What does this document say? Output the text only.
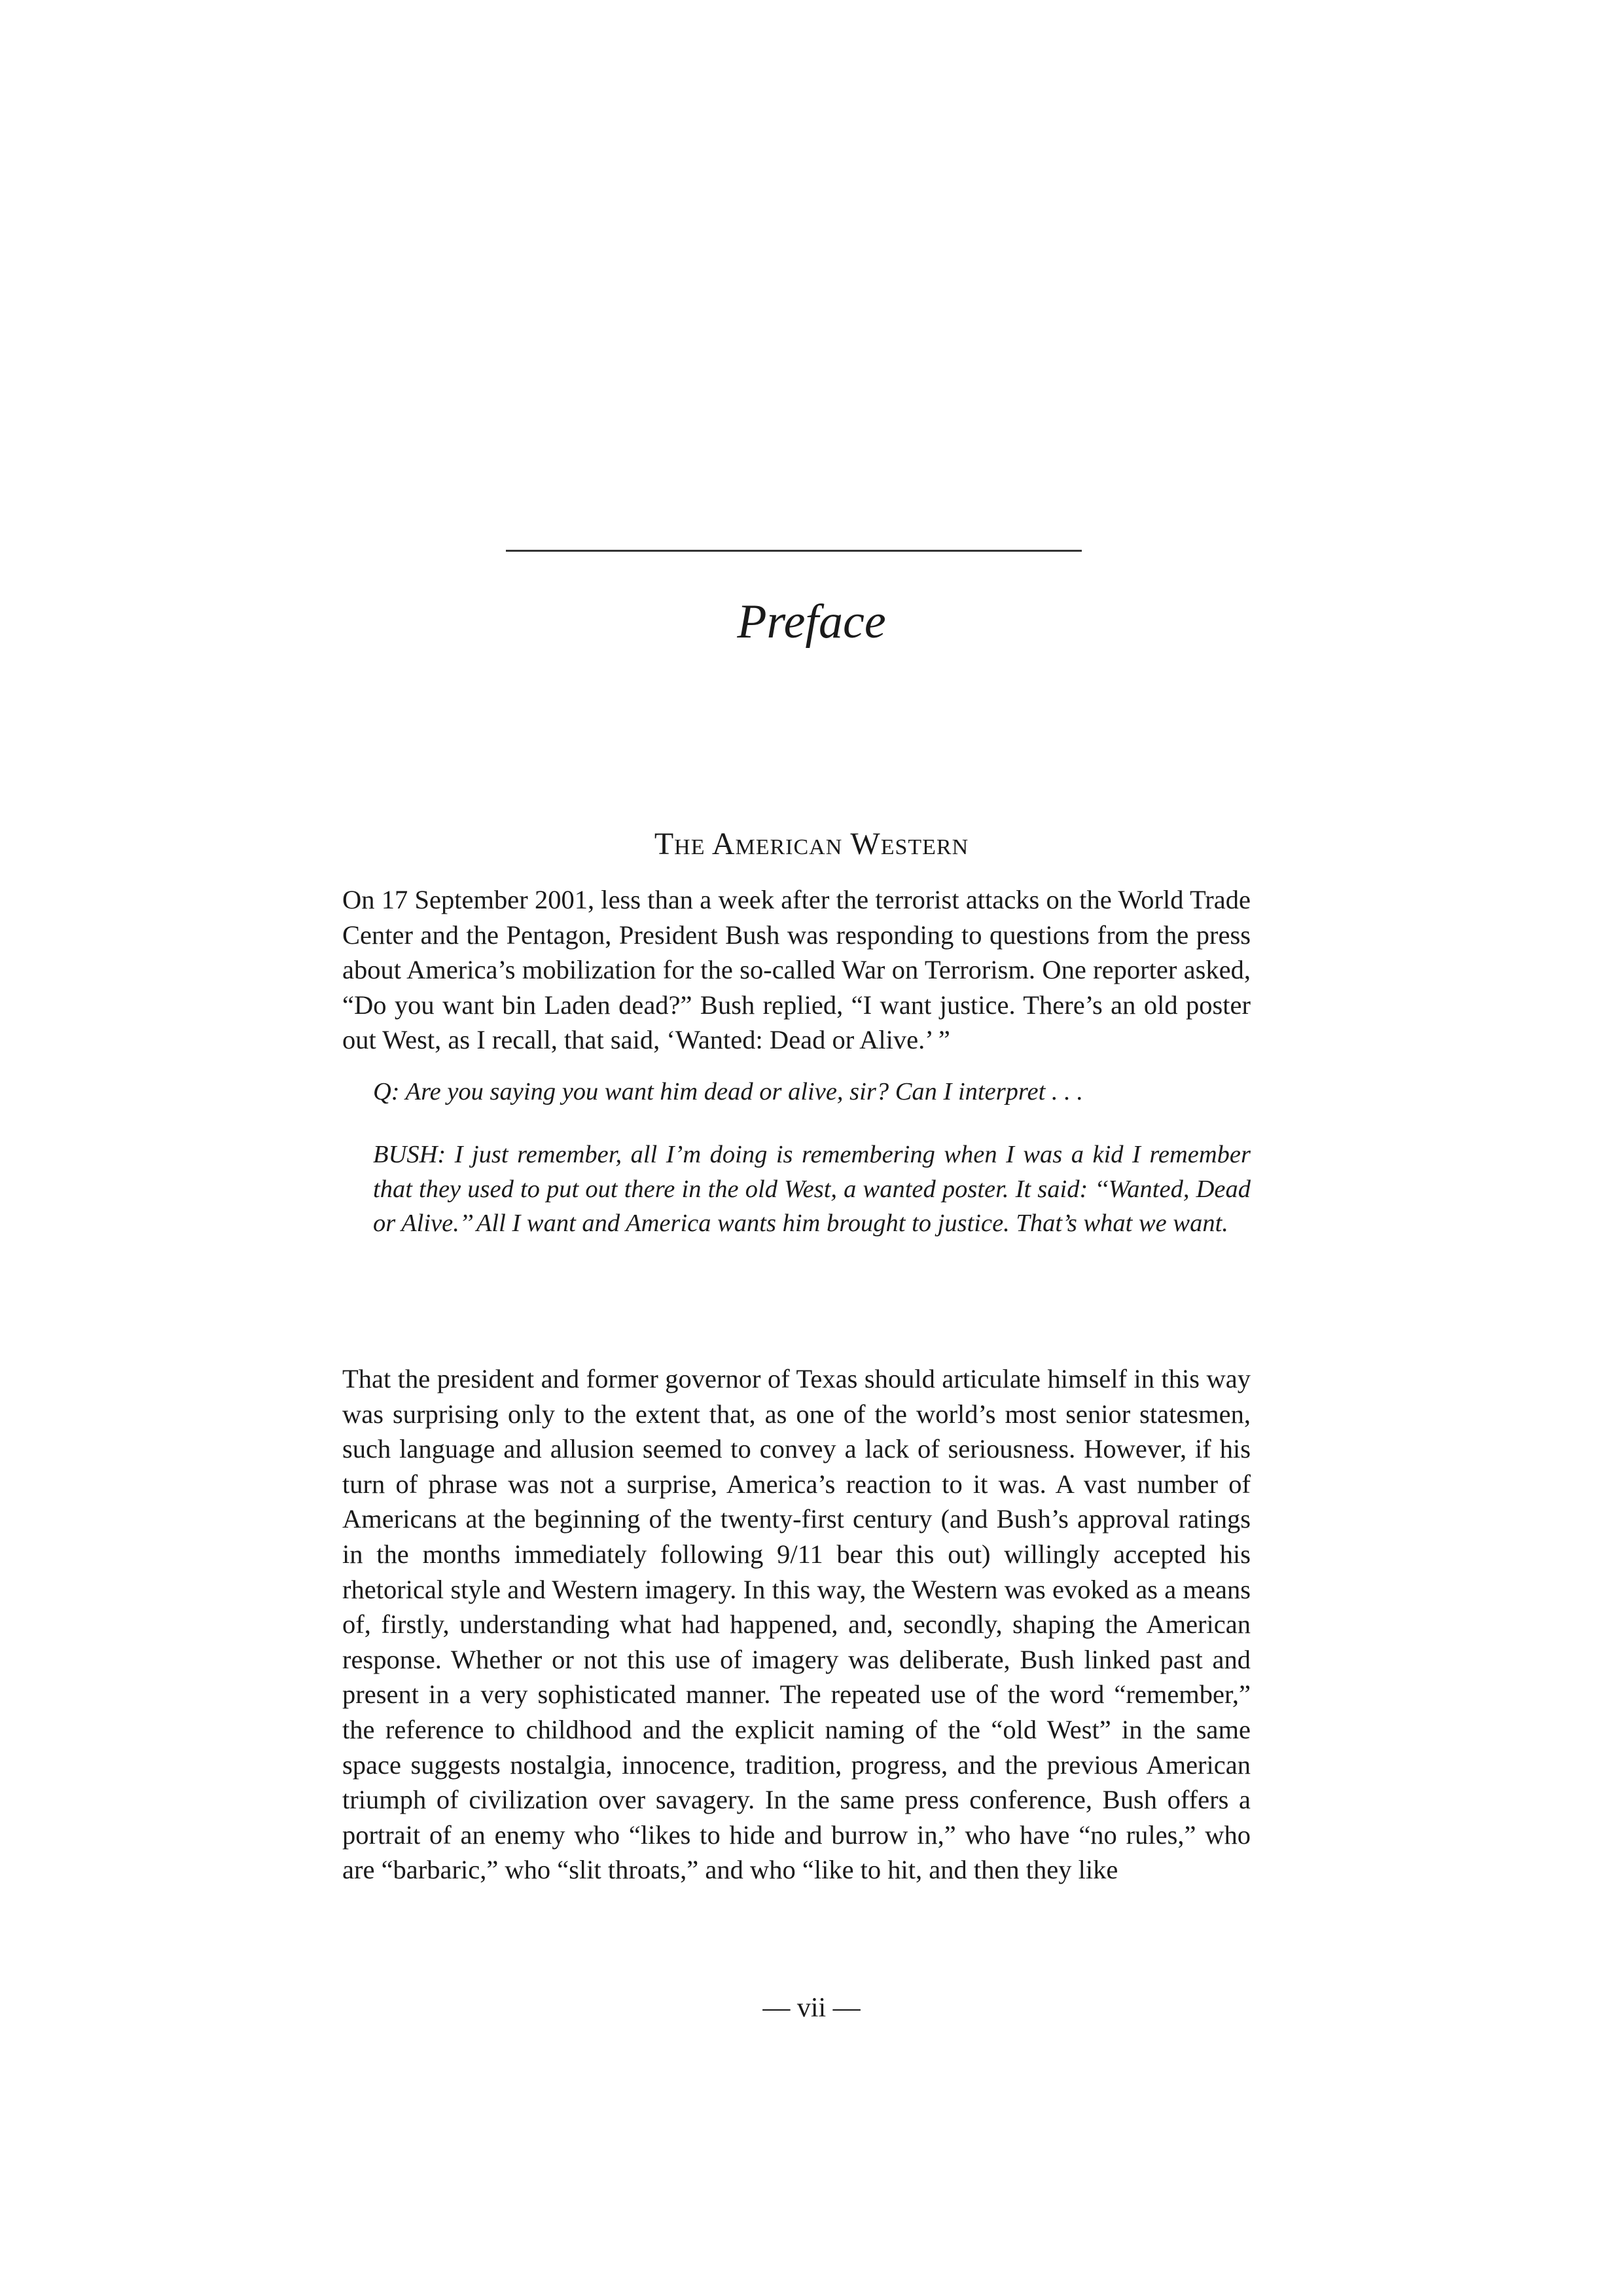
Preface
The American Western

On 17 September 2001, less than a week after the terrorist attacks on the World Trade Center and the Pentagon, President Bush was responding to questions from the press about America’s mobilization for the so-called War on Terrorism. One reporter asked, “Do you want bin Laden dead?” Bush replied, “I want justice. There’s an old poster out West, as I recall, that said, ‘Wanted: Dead or Alive.’ ”

Q: Are you saying you want him dead or alive, sir? Can I interpret . . .

BUSH: I just remember, all I’m doing is remembering when I was a kid I remember that they used to put out there in the old West, a wanted poster. It said: ‘‘Wanted, Dead or Alive.’’ All I want and America wants him brought to justice. That’s what we want.

That the president and former governor of Texas should articulate himself in this way was surprising only to the extent that, as one of the world’s most senior statesmen, such language and allusion seemed to convey a lack of seriousness. However, if his turn of phrase was not a surprise, America’s reaction to it was. A vast number of Americans at the beginning of the twenty-first century (and Bush’s approval ratings in the months immediately following 9/11 bear this out) willingly accepted his rhetorical style and Western imagery. In this way, the Western was evoked as a means of, firstly, understanding what had happened, and, secondly, shaping the American response. Whether or not this use of imagery was deliberate, Bush linked past and present in a very sophisticated manner. The repeated use of the word “remember,” the reference to childhood and the explicit naming of the “old West” in the same space suggests nostalgia, innocence, tradition, progress, and the previous American triumph of civilization over savagery. In the same press conference, Bush offers a portrait of an enemy who “likes to hide and burrow in,” who have “no rules,” who are “barbaric,” who “slit throats,” and who “like to hit, and then they like

— vii —
